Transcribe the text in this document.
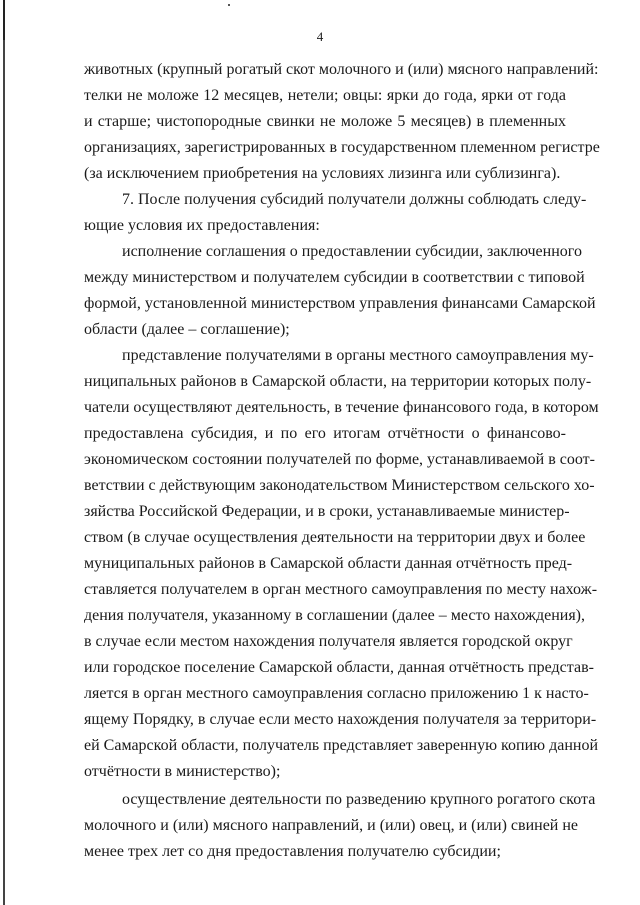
4

животных (крупный рогатый скот молочного и (или) мясного направлений:

телки не моложе 12 месяцев, нетели; овцы: ярки до года, ярки от года

и старше; чистопородные свинки не моложе 5 месяцев) в племенных

организациях, зарегистрированных в государственном племенном регистре

(за исключением приобретения на условиях лизинга или сублизинга).

7. После получения субсидий получатели должны соблюдать следу-

ющие условия их предоставления:

исполнение соглашения о предоставлении субсидии, заключенного

между министерством и получателем субсидии в соответствии с типовой

формой, установленной министерством управления финансами Самарской

области (далее – соглашение);

представление получателями в органы местного самоуправления му-

ниципальных районов в Самарской области, на территории которых полу-

чатели осуществляют деятельность, в течение финансового года, в котором

предоставлена субсидия, и по его итогам отчётности о финансово-

экономическом состоянии получателей по форме, устанавливаемой в соот-

ветствии с действующим законодательством Министерством сельского хо-

зяйства Российской Федерации, и в сроки, устанавливаемые министер-

ством (в случае осуществления деятельности на территории двух и более

муниципальных районов в Самарской области данная отчётность пред-

ставляется получателем в орган местного самоуправления по месту нахож-

дения получателя, указанному в соглашении (далее – место нахождения),

в случае если местом нахождения получателя является городской округ

или городское поселение Самарской области, данная отчётность представ-

ляется в орган местного самоуправления согласно приложению 1 к насто-

ящему Порядку, в случае если место нахождения получателя за территори-

ей Самарской области, получатель представляет заверенную копию данной

отчётности в министерство);

осуществление деятельности по разведению крупного рогатого скота

молочного и (или) мясного направлений, и (или) овец, и (или) свиней не

менее трех лет со дня предоставления получателю субсидии;
